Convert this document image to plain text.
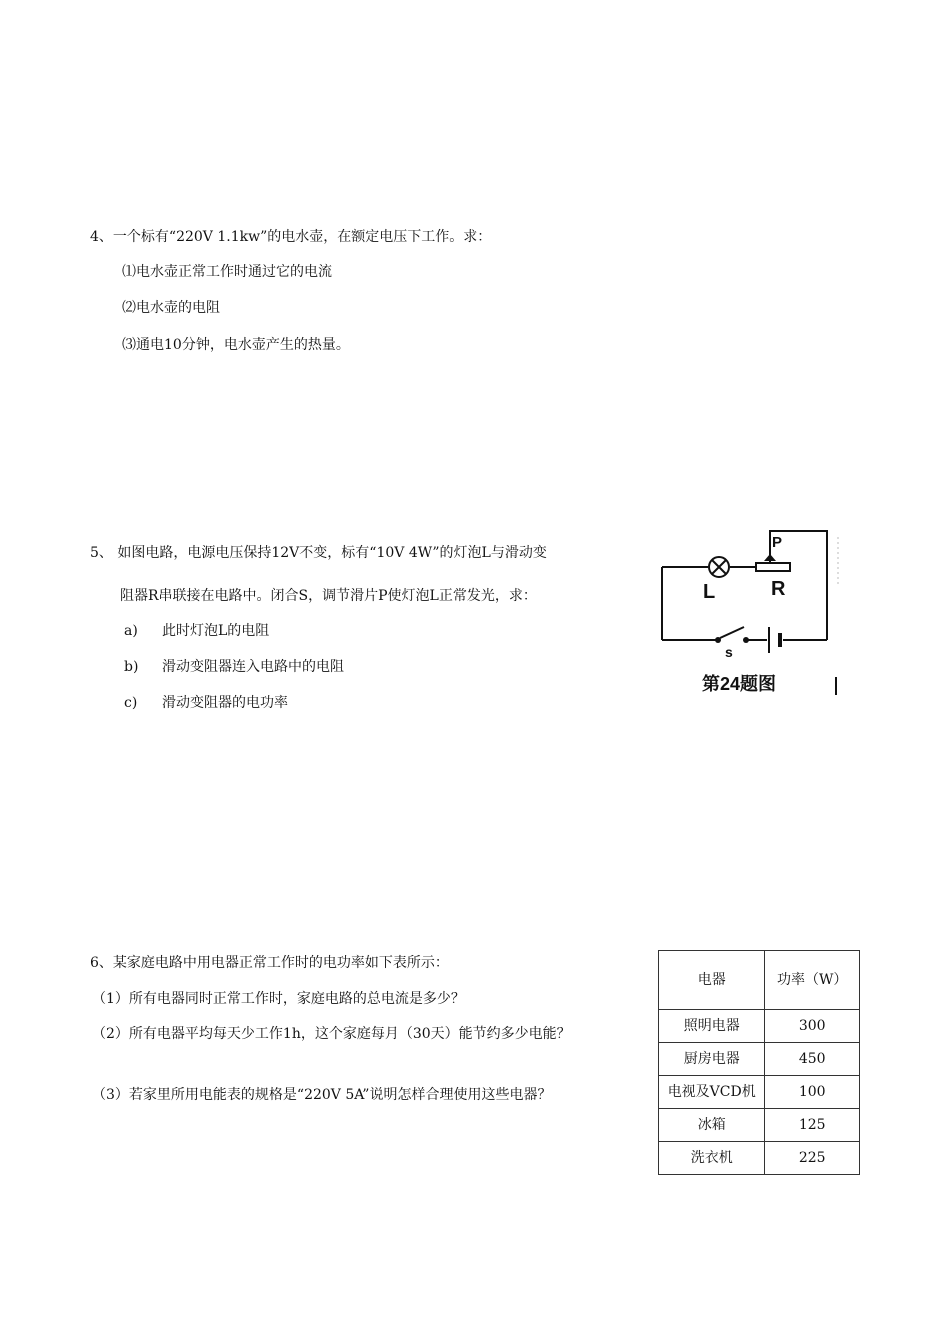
4、一个标有“220V 1.1kw”的电水壶，在额定电压下工作。求：
⑴电水壶正常工作时通过它的电流
⑵电水壶的电阻
⑶通电10分钟，电水壶产生的热量。
5、 如图电路，电源电压保持12V不变，标有“10V 4W”的灯泡L与滑动变
阻器R串联接在电路中。闭合S，调节滑片P使灯泡L正常发光，求：
a) 此时灯泡L的电阻
b) 滑动变阻器连入电路中的电阻
c) 滑动变阻器的电功率
P
L	R
s
第24题图
6、某家庭电路中用电器正常工作时的电功率如下表所示：
（1）所有电器同时正常工作时，家庭电路的总电流是多少？
（2）所有电器平均每天少工作1h，这个家庭每月（30天）能节约多少电能？
（3）若家里所用电能表的规格是“220V 5A”说明怎样合理使用这些电器？
电器	功率（W）
照明电器	300
厨房电器	450
电视及VCD机	100
冰箱	125
洗衣机	225
